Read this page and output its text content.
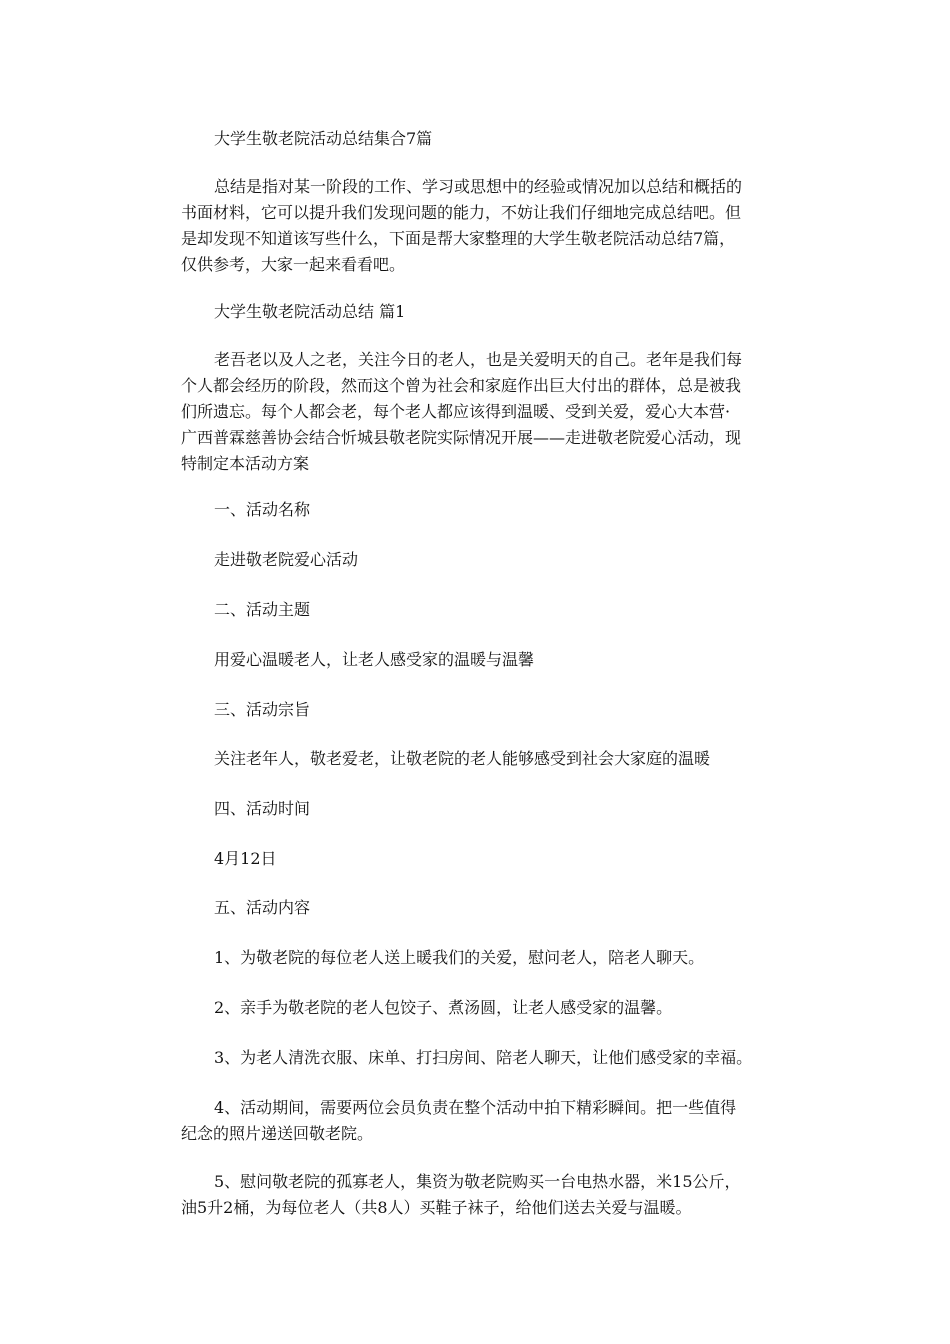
大学生敬老院活动总结集合7篇

总结是指对某一阶段的工作、学习或思想中的经验或情况加以总结和概括的
书面材料，它可以提升我们发现问题的能力，不妨让我们仔细地完成总结吧。但
是却发现不知道该写些什么，下面是帮大家整理的大学生敬老院活动总结7篇，
仅供参考，大家一起来看看吧。

大学生敬老院活动总结 篇1

老吾老以及人之老，关注今日的老人，也是关爱明天的自己。老年是我们每
个人都会经历的阶段，然而这个曾为社会和家庭作出巨大付出的群体，总是被我
们所遗忘。每个人都会老，每个老人都应该得到温暖、受到关爱，爱心大本营·
广西普霖慈善协会结合忻城县敬老院实际情况开展——走进敬老院爱心活动，现
特制定本活动方案

一、活动名称

走进敬老院爱心活动

二、活动主题

用爱心温暖老人，让老人感受家的温暖与温馨

三、活动宗旨

关注老年人，敬老爱老，让敬老院的老人能够感受到社会大家庭的温暖

四、活动时间

4月12日

五、活动内容

1、为敬老院的每位老人送上暖我们的关爱，慰问老人，陪老人聊天。

2、亲手为敬老院的老人包饺子、煮汤圆，让老人感受家的温馨。

3、为老人清洗衣服、床单、打扫房间、陪老人聊天，让他们感受家的幸福。

4、活动期间，需要两位会员负责在整个活动中拍下精彩瞬间。把一些值得
纪念的照片递送回敬老院。
5、慰问敬老院的孤寡老人，集资为敬老院购买一台电热水器，米15公斤，
油5升2桶，为每位老人（共8人）买鞋子袜子，给他们送去关爱与温暖。
